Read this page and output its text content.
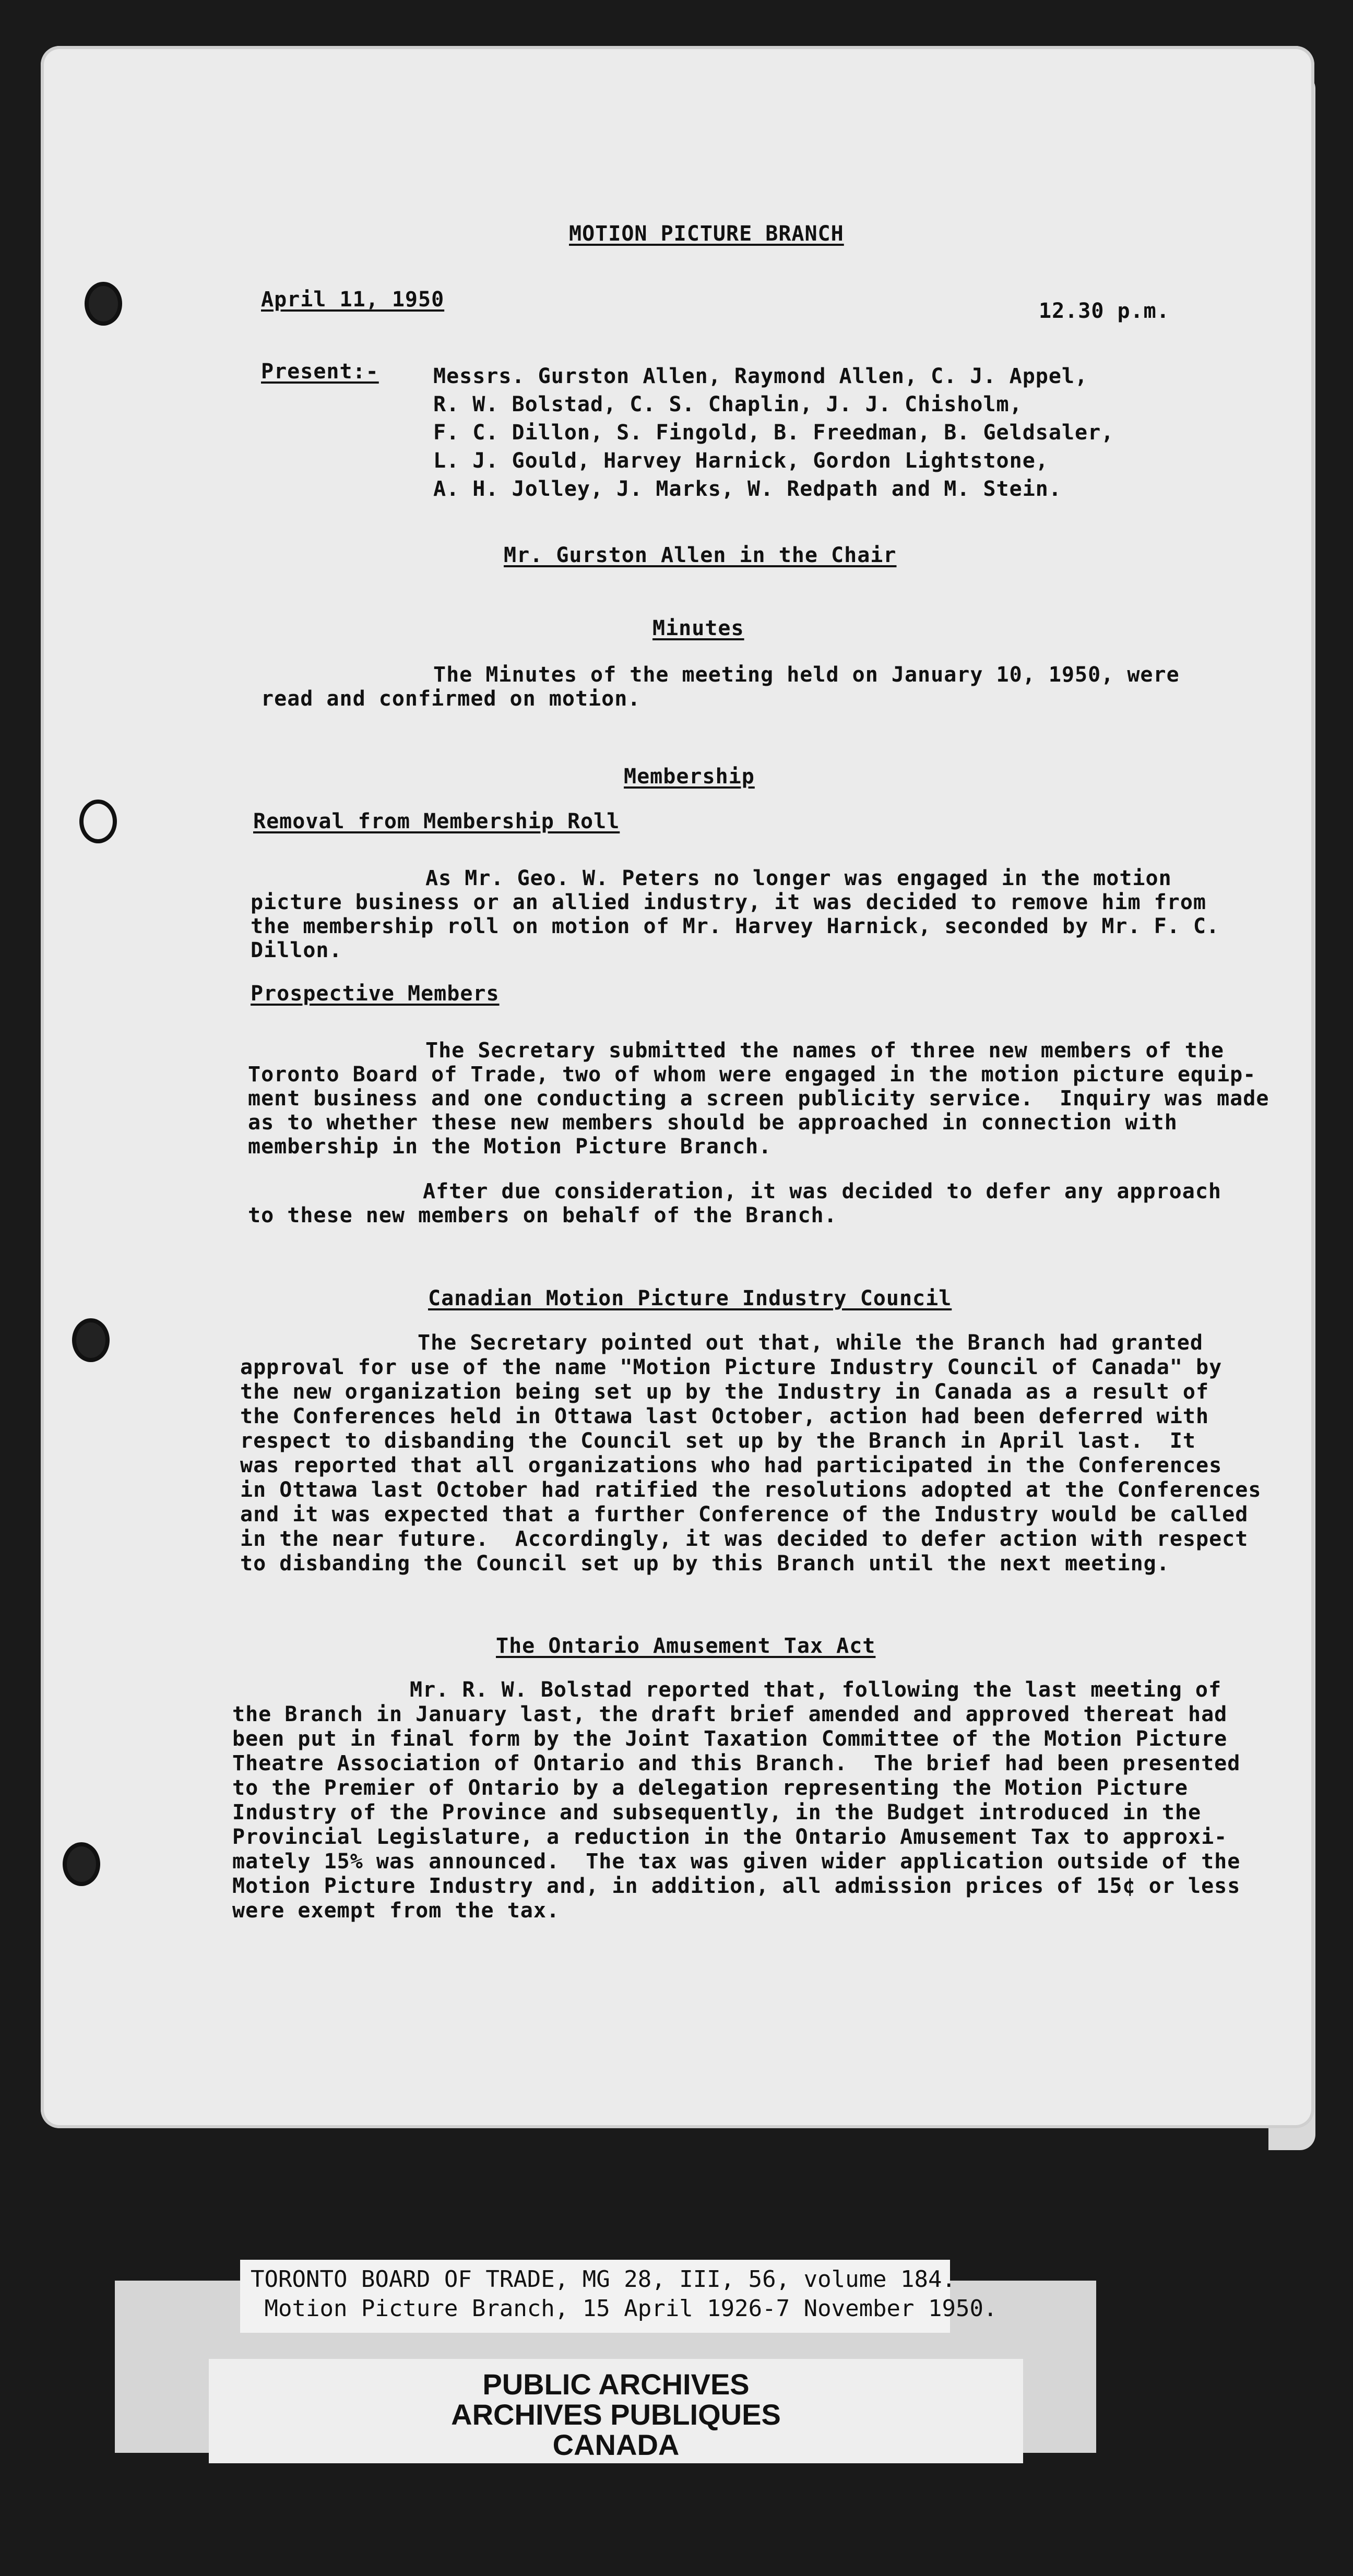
MOTION PICTURE BRANCH
April 11, 1950	12.30 p.m.
Present:-	Messrs. Gurston Allen, Raymond Allen, C. J. Appel,
R. W. Bolstad, C. S. Chaplin, J. J. Chisholm,
F. C. Dillon, S. Fingold, B. Freedman, B. Geldsaler,
L. J. Gould, Harvey Harnick, Gordon Lightstone,
A. H. Jolley, J. Marks, W. Redpath and M. Stein.
Mr. Gurston Allen in the Chair
Minutes
The Minutes of the meeting held on January 10, 1950, were
read and confirmed on motion.
Membership
Removal from Membership Roll
As Mr. Geo. W. Peters no longer was engaged in the motion
picture business or an allied industry, it was decided to remove him from
the membership roll on motion of Mr. Harvey Harnick, seconded by Mr. F. C.
Dillon.
Prospective Members
The Secretary submitted the names of three new members of the
Toronto Board of Trade, two of whom were engaged in the motion picture equip-
ment business and one conducting a screen publicity service.  Inquiry was made
as to whether these new members should be approached in connection with
membership in the Motion Picture Branch.
After due consideration, it was decided to defer any approach
to these new members on behalf of the Branch.
Canadian Motion Picture Industry Council
The Secretary pointed out that, while the Branch had granted
approval for use of the name "Motion Picture Industry Council of Canada" by
the new organization being set up by the Industry in Canada as a result of
the Conferences held in Ottawa last October, action had been deferred with
respect to disbanding the Council set up by the Branch in April last.  It
was reported that all organizations who had participated in the Conferences
in Ottawa last October had ratified the resolutions adopted at the Conferences
and it was expected that a further Conference of the Industry would be called
in the near future.  Accordingly, it was decided to defer action with respect
to disbanding the Council set up by this Branch until the next meeting.
The Ontario Amusement Tax Act
Mr. R. W. Bolstad reported that, following the last meeting of
the Branch in January last, the draft brief amended and approved thereat had
been put in final form by the Joint Taxation Committee of the Motion Picture
Theatre Association of Ontario and this Branch.  The brief had been presented
to the Premier of Ontario by a delegation representing the Motion Picture
Industry of the Province and subsequently, in the Budget introduced in the
Provincial Legislature, a reduction in the Ontario Amusement Tax to approxi-
mately 15% was announced.  The tax was given wider application outside of the
Motion Picture Industry and, in addition, all admission prices of 15¢ or less
were exempt from the tax.
TORONTO BOARD OF TRADE, MG 28, III, 56, volume 184.
Motion Picture Branch, 15 April 1926-7 November 1950.
PUBLIC ARCHIVES
ARCHIVES PUBLIQUES
CANADA
